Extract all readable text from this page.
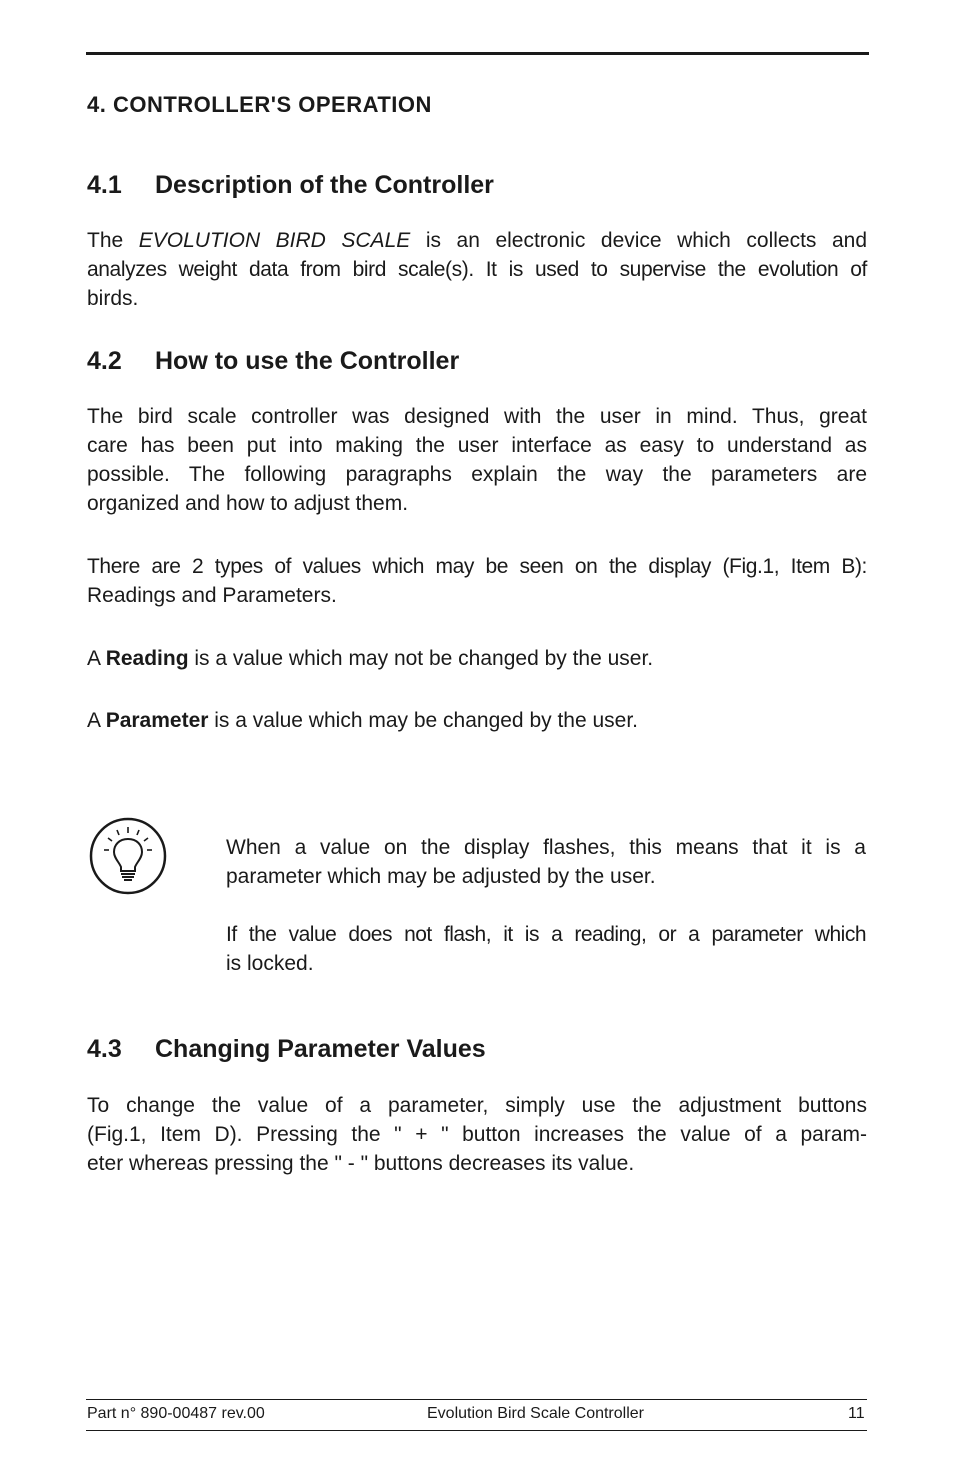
4. CONTROLLER'S OPERATION
4.1 Description of the Controller

The EVOLUTION BIRD SCALE is an electronic device which collects and
analyzes weight data from bird scale(s). It is used to supervise the evolution of
birds.

4.2 How to use the Controller

The bird scale controller was designed with the user in mind. Thus, great
care has been put into making the user interface as easy to understand as
possible. The following paragraphs explain the way the parameters are
organized and how to adjust them.

There are 2 types of values which may be seen on the display (Fig.1, Item B):
Readings and Parameters.

A Reading is a value which may not be changed by the user.

A Parameter is a value which may be changed by the user.

When a value on the display flashes, this means that it is a
parameter which may be adjusted by the user.

If the value does not flash, it is a reading, or a parameter which
is locked.

4.3 Changing Parameter Values

To change the value of a parameter, simply use the adjustment buttons
(Fig.1, Item D). Pressing the " + " button increases the value of a param-
eter whereas pressing the " - " buttons decreases its value.

Part n° 890-00487 rev.00	Evolution Bird Scale Controller	11
